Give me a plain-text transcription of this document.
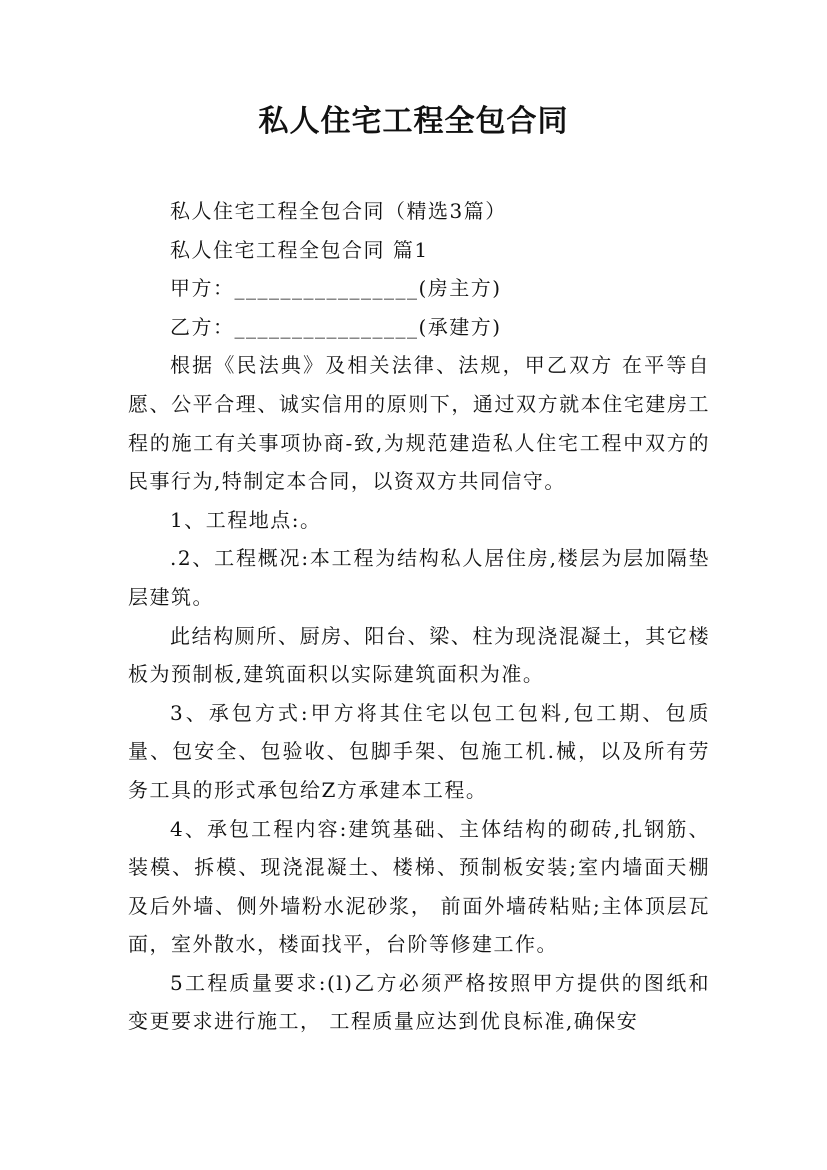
私人住宅工程全包合同

私人住宅工程全包合同（精选3篇）

私人住宅工程全包合同 篇1

甲方：________________(房主方)

乙方：________________(承建方)

根据《民法典》及相关法律、法规，甲乙双方 在平等自愿、公平合理、诚实信用的原则下，通过双方就本住宅建房工程的施工有关事项协商-致,为规范建造私人住宅工程中双方的民事行为,特制定本合同，以资双方共同信守。

1、工程地点:。

.2、工程概况:本工程为结构私人居住房,楼层为层加隔垫层建筑。

此结构厕所、厨房、阳台、梁、柱为现浇混凝土，其它楼板为预制板,建筑面积以实际建筑面积为准。

3、承包方式:甲方将其住宅以包工包料,包工期、包质量、包安全、包验收、包脚手架、包施工机.械，以及所有劳务工具的形式承包给Z方承建本工程。

4、承包工程内容:建筑基础、主体结构的砌砖,扎钢筋、装模、拆模、现浇混凝土、楼梯、预制板安装;室内墙面天棚及后外墙、侧外墙粉水泥砂浆， 前面外墙砖粘贴;主体顶层瓦面，室外散水，楼面找平，台阶等修建工作。

5工程质量要求:(l)乙方必须严格按照甲方提供的图纸和变更要求进行施工， 工程质量应达到优良标准,确保安
